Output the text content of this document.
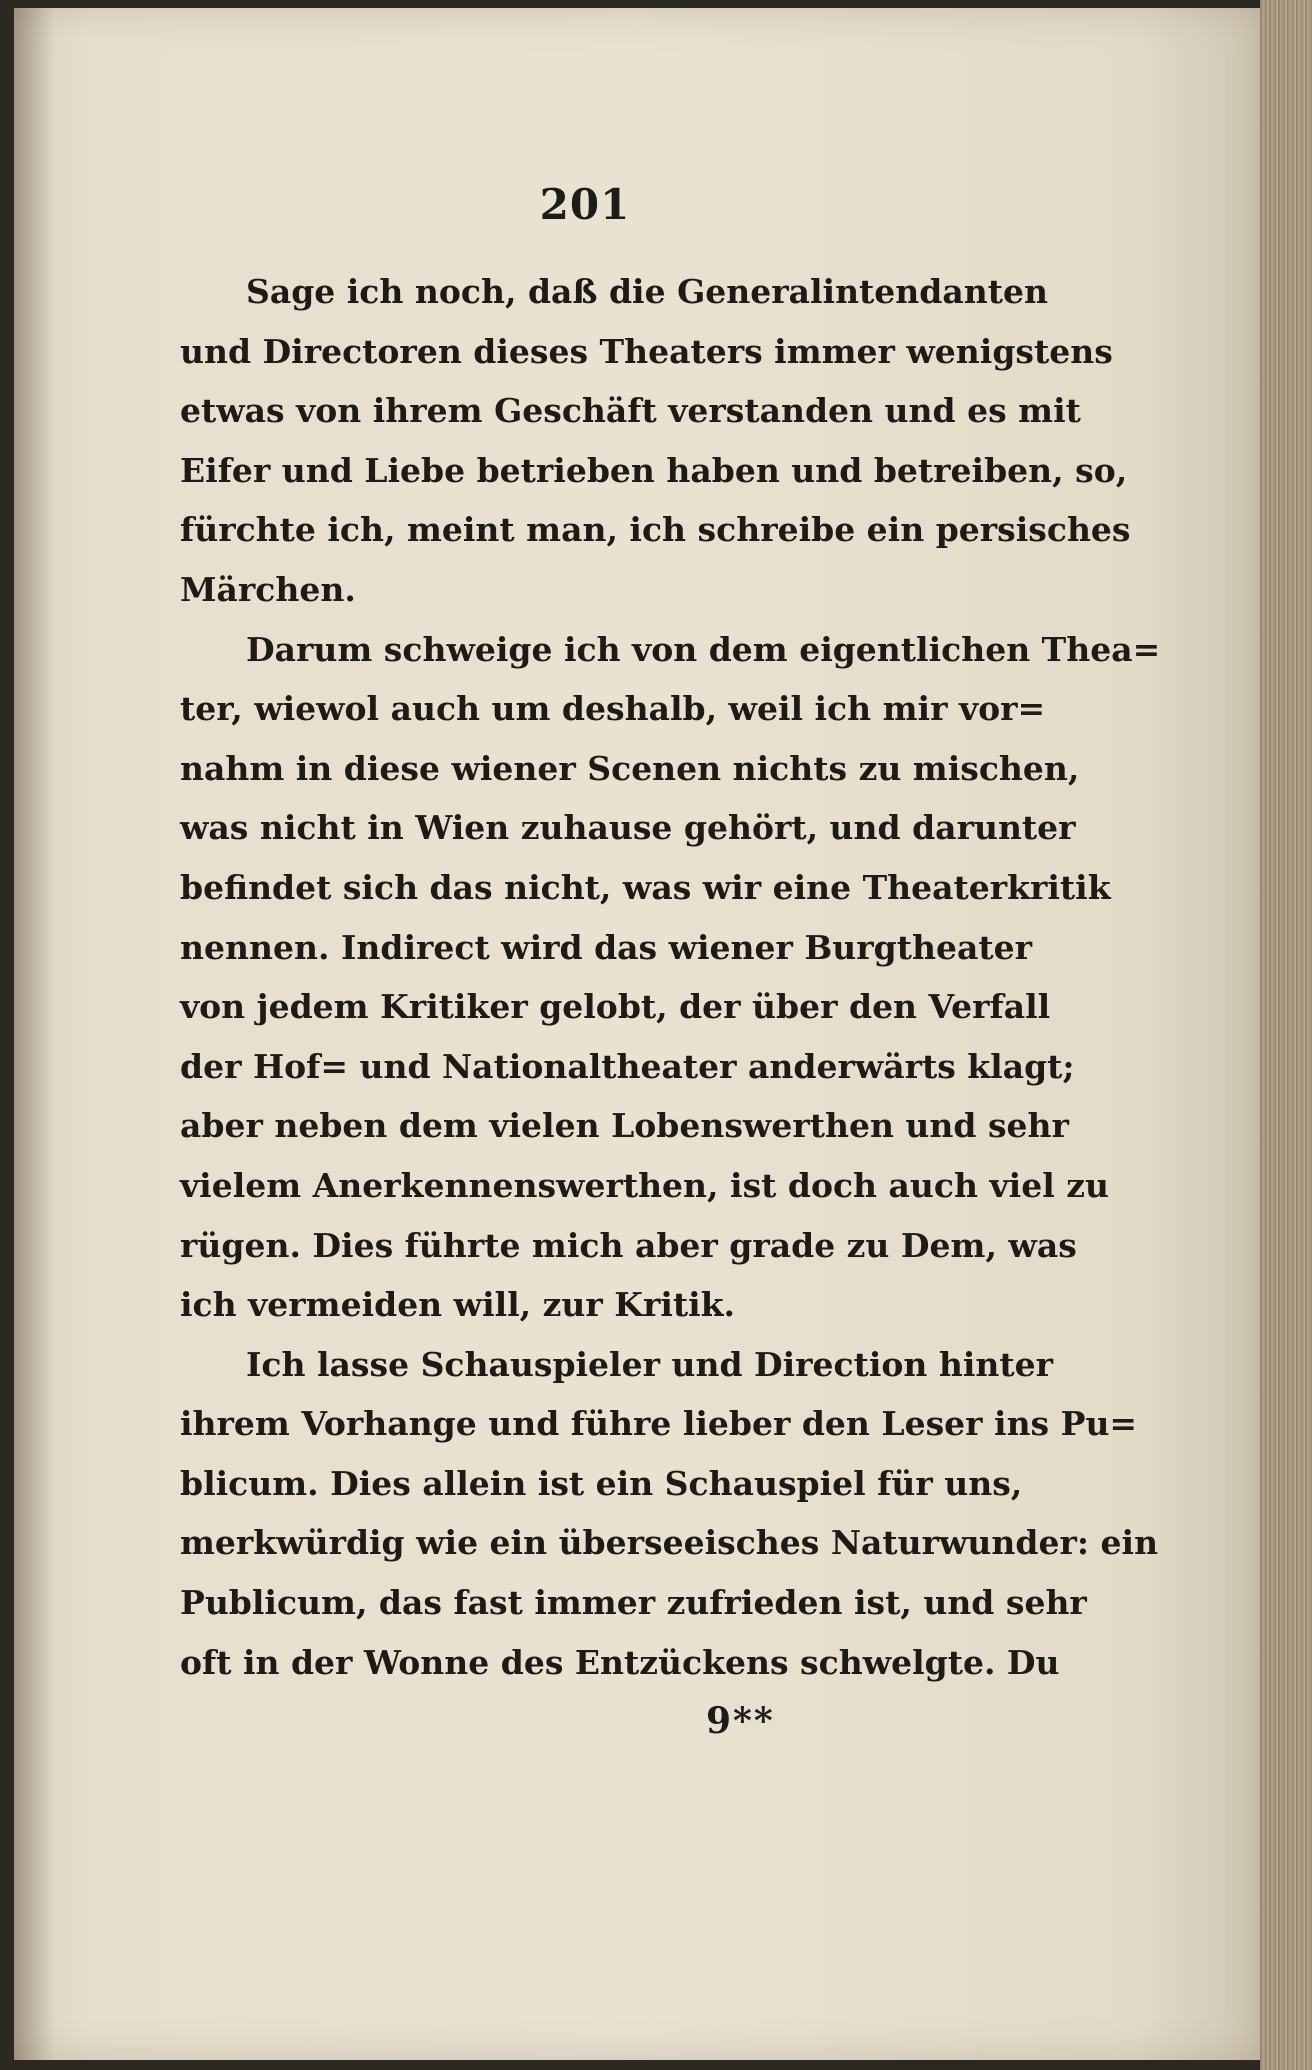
201
Sage ich noch, daß die Generalintendanten
und Directoren dieses Theaters immer wenigstens
etwas von ihrem Geschäft verstanden und es mit
Eifer und Liebe betrieben haben und betreiben, so,
fürchte ich, meint man, ich schreibe ein persisches
Märchen.
Darum schweige ich von dem eigentlichen Thea=
ter, wiewol auch um deshalb, weil ich mir vor=
nahm in diese wiener Scenen nichts zu mischen,
was nicht in Wien zuhause gehört, und darunter
befindet sich das nicht, was wir eine Theaterkritik
nennen. Indirect wird das wiener Burgtheater
von jedem Kritiker gelobt, der über den Verfall
der Hof= und Nationaltheater anderwärts klagt;
aber neben dem vielen Lobenswerthen und sehr
vielem Anerkennenswerthen, ist doch auch viel zu
rügen. Dies führte mich aber grade zu Dem, was
ich vermeiden will, zur Kritik.
Ich lasse Schauspieler und Direction hinter
ihrem Vorhange und führe lieber den Leser ins Pu=
blicum. Dies allein ist ein Schauspiel für uns,
merkwürdig wie ein überseeisches Naturwunder: ein
Publicum, das fast immer zufrieden ist, und sehr
oft in der Wonne des Entzückens schwelgte. Du
9**
